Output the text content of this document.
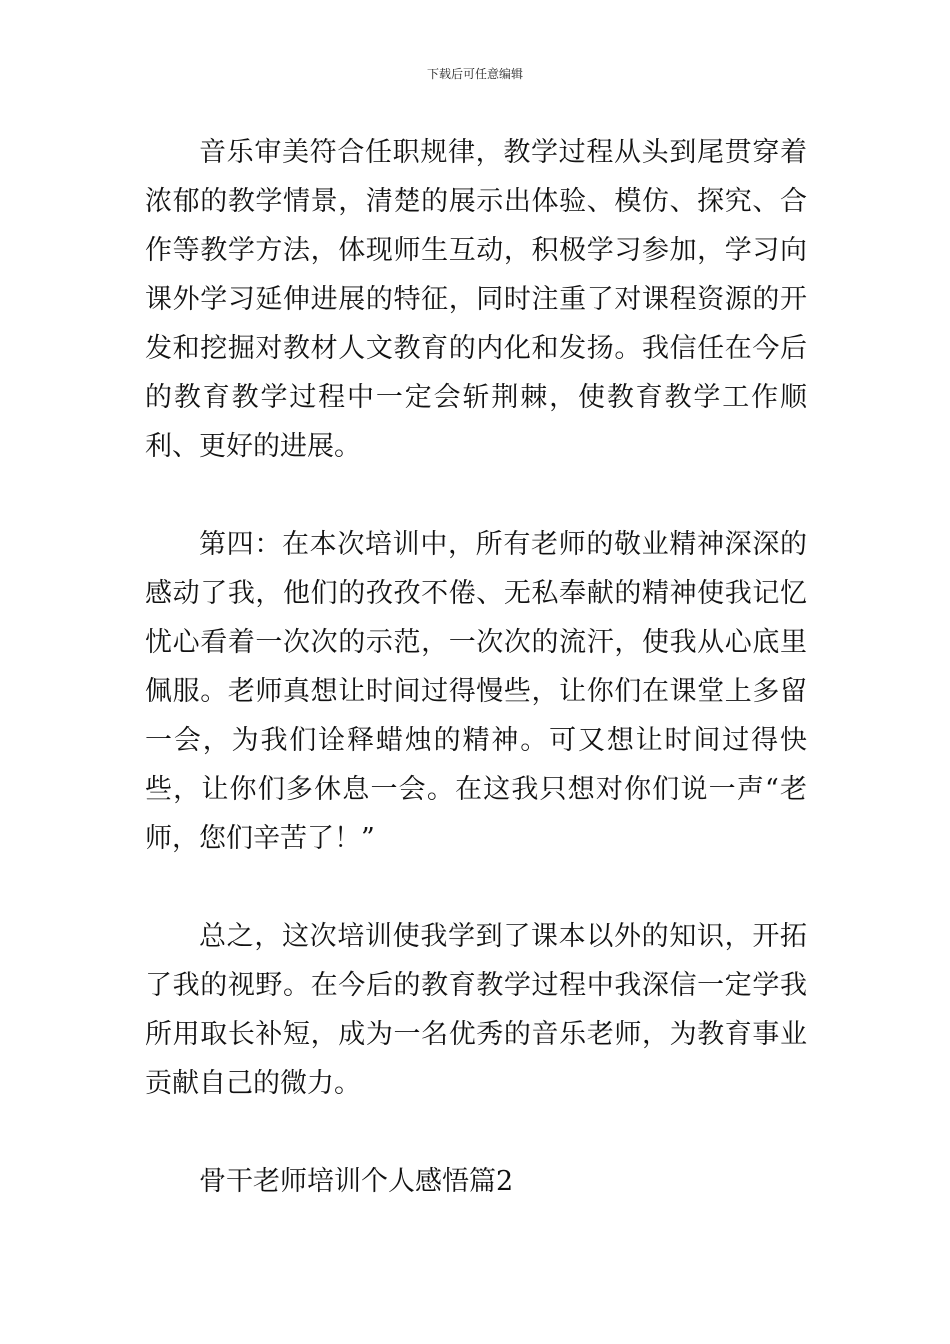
下载后可任意编辑

音乐审美符合任职规律，教学过程从头到尾贯穿着浓郁的教学情景，清楚的展示出体验、模仿、探究、合作等教学方法，体现师生互动，积极学习参加，学习向课外学习延伸进展的特征，同时注重了对课程资源的开发和挖掘对教材人文教育的内化和发扬。我信任在今后的教育教学过程中一定会斩荆棘，使教育教学工作顺利、更好的进展。

第四：在本次培训中，所有老师的敬业精神深深的感动了我，他们的孜孜不倦、无私奉献的精神使我记忆忧心看着一次次的示范，一次次的流汗，使我从心底里佩服。老师真想让时间过得慢些，让你们在课堂上多留一会，为我们诠释蜡烛的精神。可又想让时间过得快些，让你们多休息一会。在这我只想对你们说一声“老师，您们辛苦了！”

总之，这次培训使我学到了课本以外的知识，开拓了我的视野。在今后的教育教学过程中我深信一定学我所用取长补短，成为一名优秀的音乐老师，为教育事业贡献自己的微力。

骨干老师培训个人感悟篇2
